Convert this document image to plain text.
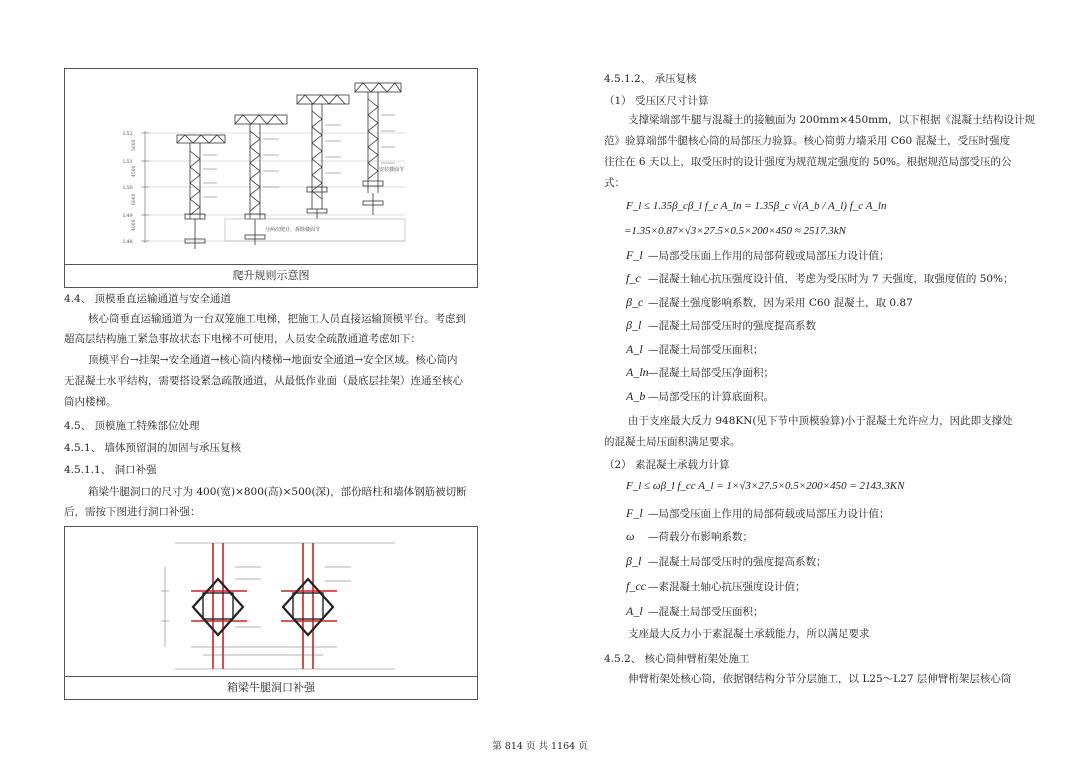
L52
L51
L50
L49
L48
5000
4500
6000
4000	分两次爬升，拆除楼面节
安装楼面节
爬升规则示意图
4.4、 顶模垂直运输通道与安全通道
核心筒垂直运输通道为一台双笼施工电梯，把施工人员直接运输顶模平台。考虑到
超高层结构施工紧急事故状态下电梯不可使用，人员安全疏散通道考虑如下：
顶模平台→挂架→安全通道→核心筒内楼梯→地面安全通道→安全区域。核心筒内
无混凝土水平结构，需要搭设紧急疏散通道，从最低作业面（最底层挂架）连通至核心
筒内楼梯。
4.5、 顶模施工特殊部位处理
4.5.1、 墙体预留洞的加固与承压复核
4.5.1.1、 洞口补强
箱梁牛腿洞口的尺寸为 400(宽)×800(高)×500(深)，部份暗柱和墙体钢筋被切断
后，需按下图进行洞口补强：
箱梁牛腿洞口补强
4.5.1.2、 承压复核
（1） 受压区尺寸计算
支撑梁端部牛腿与混凝土的接触面为 200mm×450mm，以下根据《混凝土结构设计规
范》验算端部牛腿核心筒的局部压力验算。核心筒剪力墙采用 C60 混凝土，受压时强度
往往在 6 天以上，取受压时的设计强度为规范规定强度的 50%。根据规范局部受压的公
式：
F_l ≤ 1.35β_cβ_l f_c A_ln = 1.35β_c √(A_b / A_l) f_c A_ln
=1.35×0.87×√3×27.5×0.5×200×450 ≈ 2517.3kN
F_l —局部受压面上作用的局部荷载或局部压力设计值；
f_c —混凝土轴心抗压强度设计值，考虑为受压时为 7 天强度，取强度值的 50%；
β_c —混凝土强度影响系数，因为采用 C60 混凝土，取 0.87
β_l —混凝土局部受压时的强度提高系数
A_l —混凝土局部受压面积；
A_ln—混凝土局部受压净面积；
A_b —局部受压的计算底面积。
由于支座最大反力 948KN(见下节中顶模验算)小于混凝土允许应力，因此即支撑处
的混凝土局压面积满足要求。
（2） 素混凝土承载力计算
F_l ≤ ωβ_l f_cc A_l = 1×√3×27.5×0.5×200×450 = 2143.3KN
F_l —局部受压面上作用的局部荷载或局部压力设计值；
ω —荷载分布影响系数；
β_l —混凝土局部受压时的强度提高系数；
f_cc —素混凝土轴心抗压强度设计值；
A_l —混凝土局部受压面积；
支座最大反力小于素混凝土承载能力，所以满足要求
4.5.2、 核心筒伸臂桁架处施工
伸臂桁架处核心筒，依据钢结构分节分层施工，以 L25～L27 层伸臂桁架层核心筒
第 814 页 共 1164 页
